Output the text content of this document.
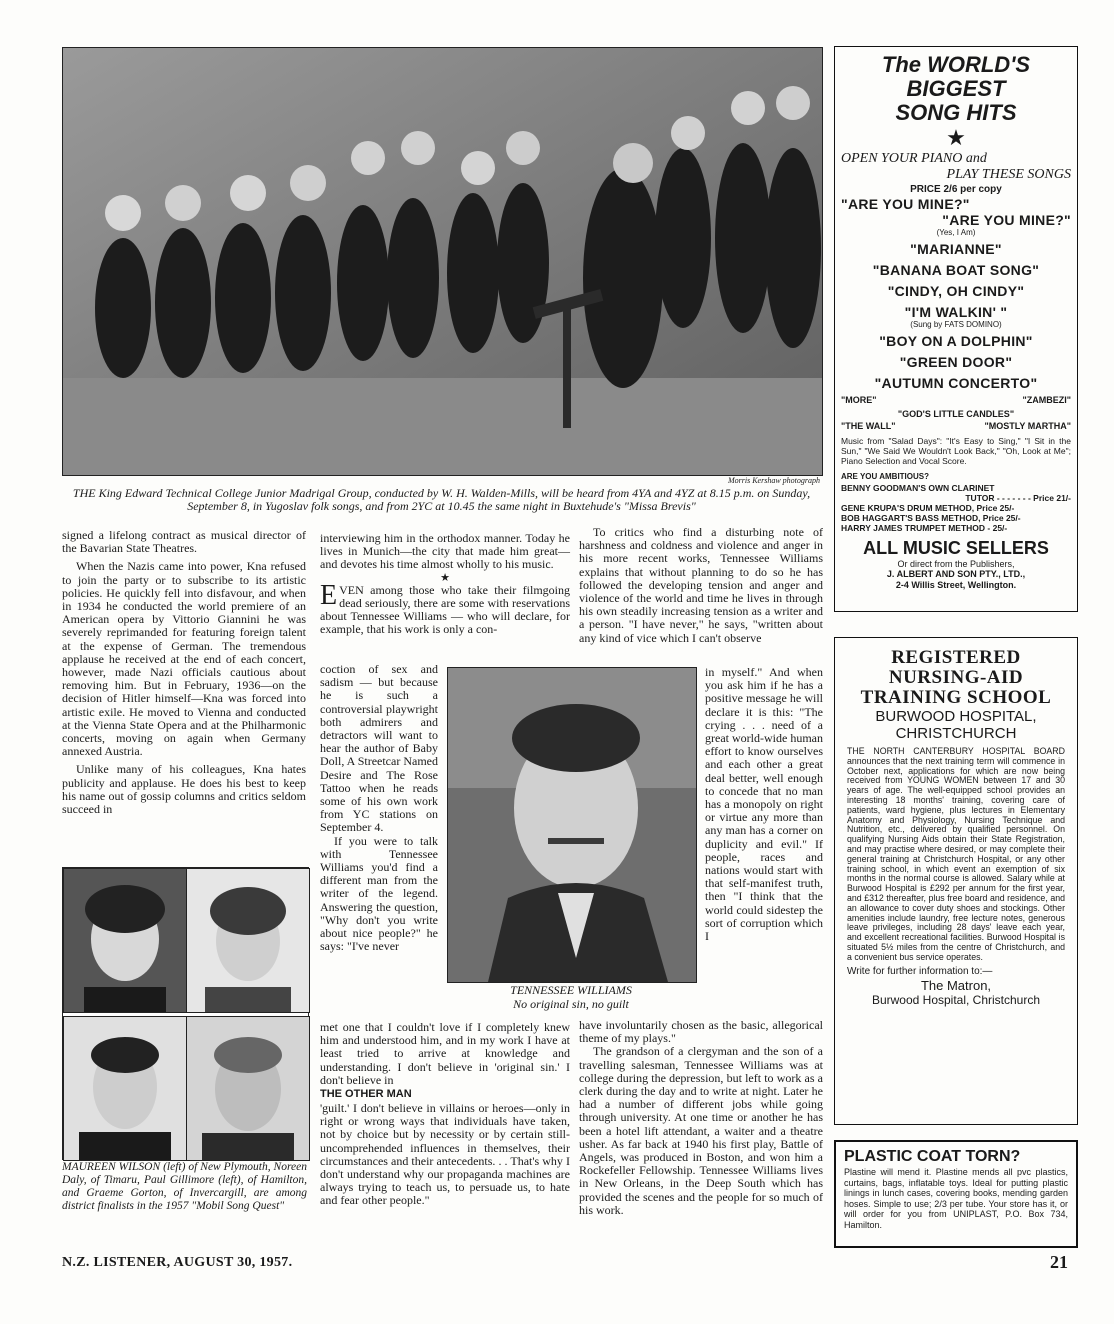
Morris Kershaw photograph
THE King Edward Technical College Junior Madrigal Group, conducted by W. H. Walden-Mills, will be heard from 4YA and 4YZ at 8.15 p.m. on Sunday, September 8, in Yugoslav folk songs, and from 2YC at 10.45 the same night in Buxtehude's "Missa Brevis"

signed a lifelong contract as musical director of the Bavarian State Theatres.

When the Nazis came into power, Kna refused to join the party or to subscribe to its artistic policies. He quickly fell into disfavour, and when in 1934 he conducted the world premiere of an American opera by Vittorio Giannini he was severely reprimanded for featuring foreign talent at the expense of German. The tremendous applause he received at the end of each concert, however, made Nazi officials cautious about removing him. But in February, 1936—on the decision of Hitler himself—Kna was forced into artistic exile. He moved to Vienna and conducted at the Vienna State Opera and at the Philharmonic concerts, moving on again when Germany annexed Austria.

Unlike many of his colleagues, Kna hates publicity and applause. He does his best to keep his name out of gossip columns and critics seldom succeed in

MAUREEN WILSON (left) of New Plymouth, Noreen Daly, of Timaru, Paul Gillimore (left), of Hamilton, and Graeme Gorton, of Invercargill, are among district finalists in the 1957 "Mobil Song Quest"

interviewing him in the orthodox manner. Today he lives in Munich—the city that made him great—and devotes his time almost wholly to his music.

★

EVEN among those who take their filmgoing dead seriously, there are some with reservations about Tennessee Williams — who will declare, for example, that his work is only a con-

coction of sex and sadism — but because he is such a controversial playwright both admirers and detractors will want to hear the author of Baby Doll, A Streetcar Named Desire and The Rose Tattoo when he reads some of his own work from YC stations on September 4.

If you were to talk with Tennessee Williams you'd find a different man from the writer of the legend. Answering the question, "Why don't you write about nice people?" he says: "I've never

met one that I couldn't love if I completely knew him and understood him, and in my work I have at least tried to arrive at knowledge and understanding. I don't believe in 'original sin.' I don't believe in

THE OTHER MAN

'guilt.' I don't believe in villains or heroes—only in right or wrong ways that individuals have taken, not by choice but by necessity or by certain still-uncomprehended influences in themselves, their circumstances and their antecedents. . . That's why I don't understand why our propaganda machines are always trying to teach us, to persuade us, to hate and fear other people."

TENNESSEE WILLIAMS
No original sin, no guilt

To critics who find a disturbing note of harshness and coldness and violence and anger in his more recent works, Tennessee Williams explains that without planning to do so he has followed the developing tension and anger and violence of the world and time he lives in through his own steadily increasing tension as a writer and a person. "I have never," he says, "written about any kind of vice which I can't observe

in myself." And when you ask him if he has a positive message he will declare it is this: "The crying . . . need of a great world-wide human effort to know ourselves and each other a great deal better, well enough to concede that no man has a monopoly on right or virtue any more than any man has a corner on duplicity and evil." If people, races and nations would start with that self-manifest truth, then "I think that the world could sidestep the sort of corruption which I

have involuntarily chosen as the basic, allegorical theme of my plays."

The grandson of a clergyman and the son of a travelling salesman, Tennessee Williams was at college during the depression, but left to work as a clerk during the day and to write at night. Later he had a number of different jobs while going through university. At one time or another he has been a hotel lift attendant, a waiter and a theatre usher. As far back at 1940 his first play, Battle of Angels, was produced in Boston, and won him a Rockefeller Fellowship. Tennessee Williams lives in New Orleans, in the Deep South which has provided the scenes and the people for so much of his work.

The WORLD'S BIGGEST
SONG HITS
★
OPEN YOUR PIANO and
PLAY THESE SONGS
PRICE 2/6 per copy
"ARE YOU MINE?"
"ARE YOU MINE?"
(Yes, I Am)
"MARIANNE"
"BANANA BOAT SONG"
"CINDY, OH CINDY"
"I'M WALKIN' "
(Sung by FATS DOMINO)
"BOY ON A DOLPHIN"
"GREEN DOOR"
"AUTUMN CONCERTO"
"MORE"	"ZAMBEZI"
"GOD'S LITTLE CANDLES"
"THE WALL"	"MOSTLY MARTHA"
Music from "Salad Days": "It's Easy to Sing," "I Sit in the Sun," "We Said We Wouldn't Look Back," "Oh, Look at Me"; Piano Selection and Vocal Score.
ARE YOU AMBITIOUS?
BENNY GOODMAN'S OWN CLARINET
TUTOR - - - - - - - Price 21/-
GENE KRUPA'S DRUM METHOD, Price 25/-
BOB HAGGART'S BASS METHOD, Price 25/-
HARRY JAMES TRUMPET METHOD - 25/-
ALL MUSIC SELLERS
Or direct from the Publishers,
J. ALBERT AND SON PTY., LTD.,
2-4 Willis Street, Wellington.
REGISTERED
NURSING-AID
TRAINING SCHOOL
BURWOOD HOSPITAL,
CHRISTCHURCH
THE NORTH CANTERBURY HOSPITAL BOARD announces that the next training term will commence in October next, applications for which are now being received from YOUNG WOMEN between 17 and 30 years of age. The well-equipped school provides an interesting 18 months' training, covering care of patients, ward hygiene, plus lectures in Elementary Anatomy and Physiology, Nursing Technique and Nutrition, etc., delivered by qualified personnel. On qualifying Nursing Aids obtain their State Registration, and may practise where desired, or may complete their general training at Christchurch Hospital, or any other training school, in which event an exemption of six months in the normal course is allowed. Salary while at Burwood Hospital is £292 per annum for the first year, and £312 thereafter, plus free board and residence, and an allowance to cover duty shoes and stockings. Other amenities include laundry, free lecture notes, generous leave privileges, including 28 days' leave each year, and excellent recreational facilities. Burwood Hospital is situated 5½ miles from the centre of Christchurch, and a convenient bus service operates.
Write for further information to:—
The Matron,
Burwood Hospital, Christchurch
PLASTIC COAT TORN?
Plastine will mend it. Plastine mends all pvc plastics, curtains, bags, inflatable toys. Ideal for putting plastic linings in lunch cases, covering books, mending garden hoses. Simple to use; 2/3 per tube. Your store has it, or will order for you from UNIPLAST, P.O. Box 734, Hamilton.
N.Z. LISTENER, AUGUST 30, 1957.	21
